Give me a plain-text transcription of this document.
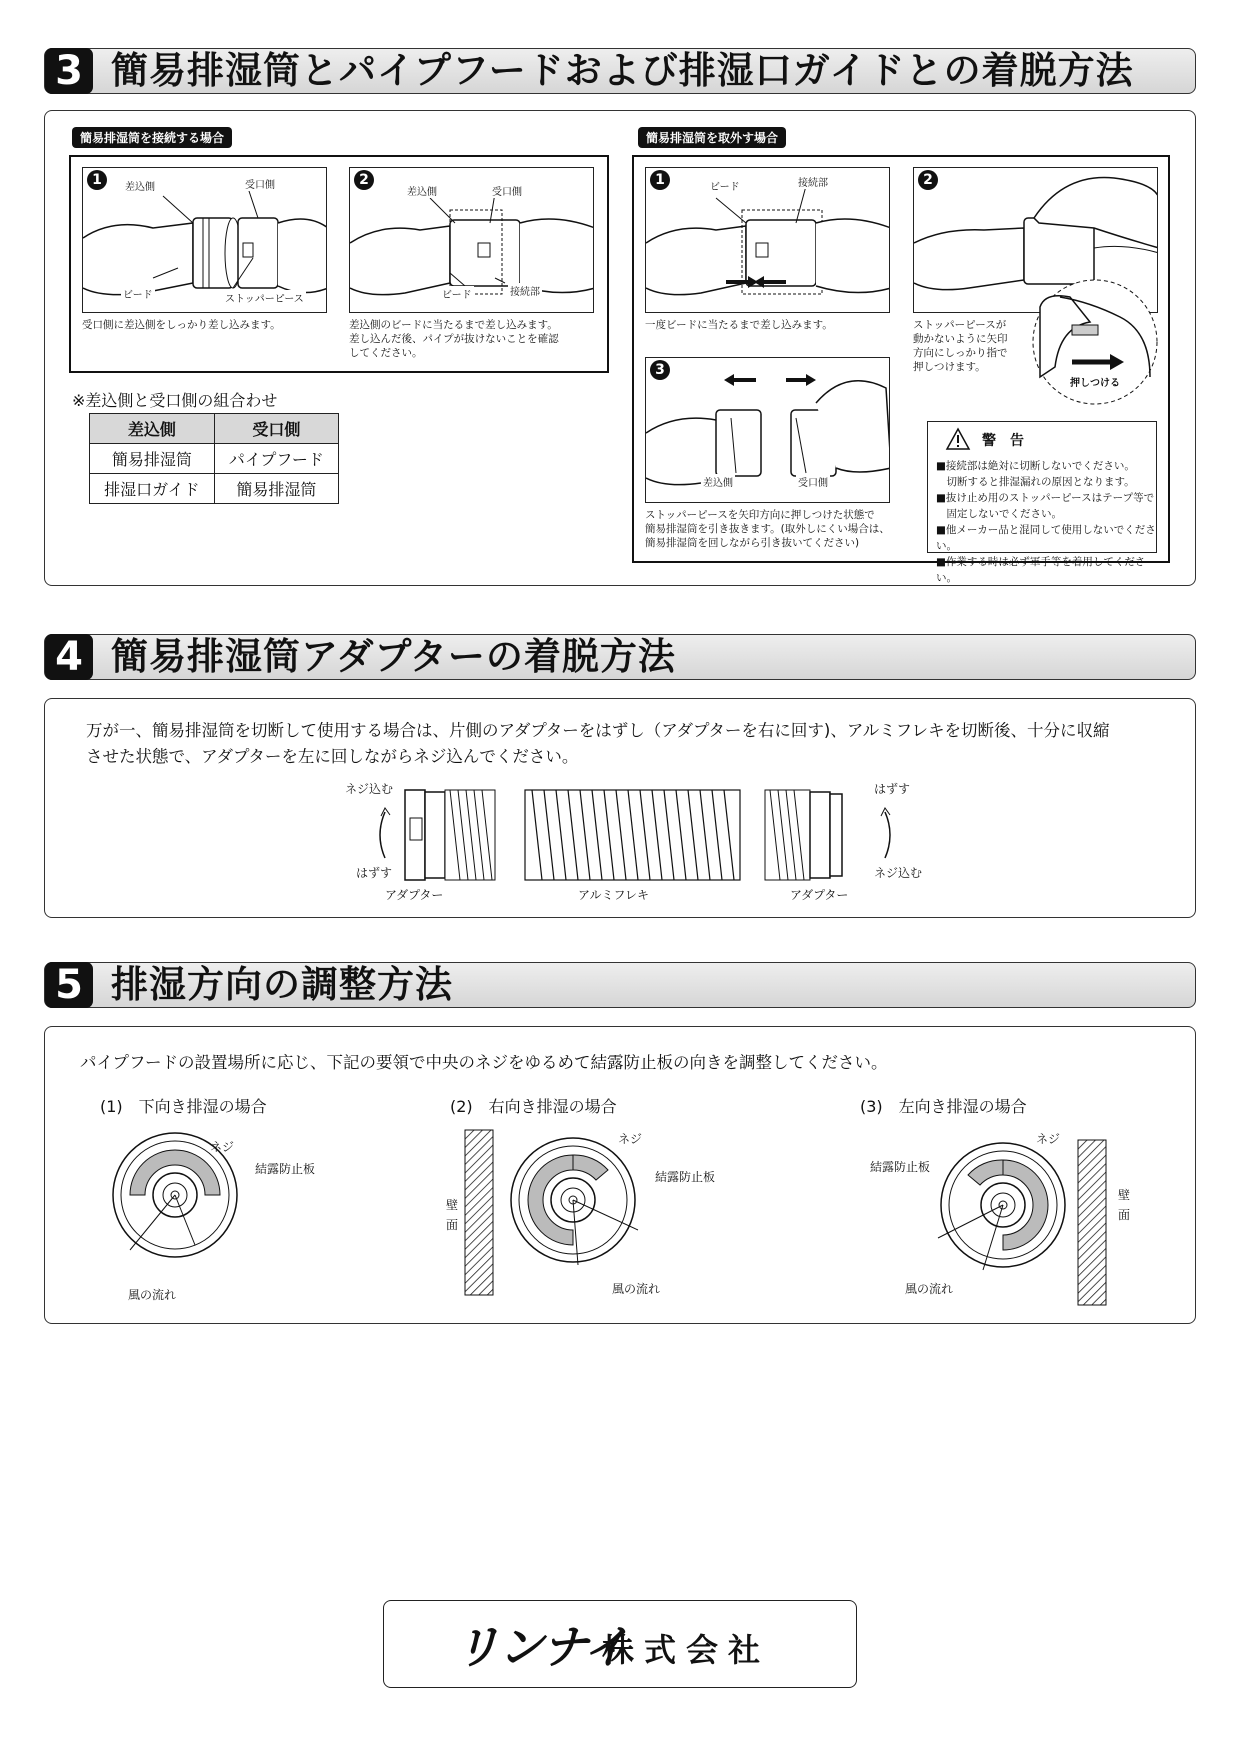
3 簡易排湿筒とパイプフードおよび排湿口ガイドとの着脱方法
簡易排湿筒を接続する場合
1	差込側	受口側
ビード	ストッパーピース
受口側に差込側をしっかり差し込みます。
2
差込側	受口側
ビード	接続部
差込側のビードに当たるまで差し込みます。
差し込んだ後、パイプが抜けないことを確認
してください。
※差込側と受口側の組合わせ
差込側	受口側
簡易排湿筒	パイプフード
排湿口ガイド	簡易排湿筒
簡易排湿筒を取外す場合
1	ビード	接続部
一度ビードに当たるまで差し込みます。
2
ストッパーピースが
動かないように矢印
方向にしっかり指で
押しつけます。
押しつける
3
差込側	受口側
ストッパーピースを矢印方向に押しつけた状態で
簡易排湿筒を引き抜きます。(取外しにくい場合は、
簡易排湿筒を回しながら引き抜いてください)
警　告
■接続部は絶対に切断しないでください。
　切断すると排湿漏れの原因となります。
■抜け止め用のストッパーピースはテープ等で
　固定しないでください。
■他メーカー品と混同して使用しないでください。
■作業する時は必ず軍手等を着用してください。
4 簡易排湿筒アダプターの着脱方法
万が一、簡易排湿筒を切断して使用する場合は、片側のアダプターをはずし（アダプターを右に回す)、アルミフレキを切断後、十分に収縮
させた状態で、アダプターを左に回しながらネジ込んでください。
ネジ込む
はずす
アダプター	アルミフレキ
はずす
ネジ込む
アダプター
5 排湿方向の調整方法
パイプフードの設置場所に応じ、下記の要領で中央のネジをゆるめて結露防止板の向きを調整してください。
(1)　下向き排湿の場合
ネジ
結露防止板
風の流れ
(2)　右向き排湿の場合
壁
面
ネジ
結露防止板
風の流れ
(3)　左向き排湿の場合
ネジ
結露防止板
壁
面
風の流れ
リンナイ
株式会社
